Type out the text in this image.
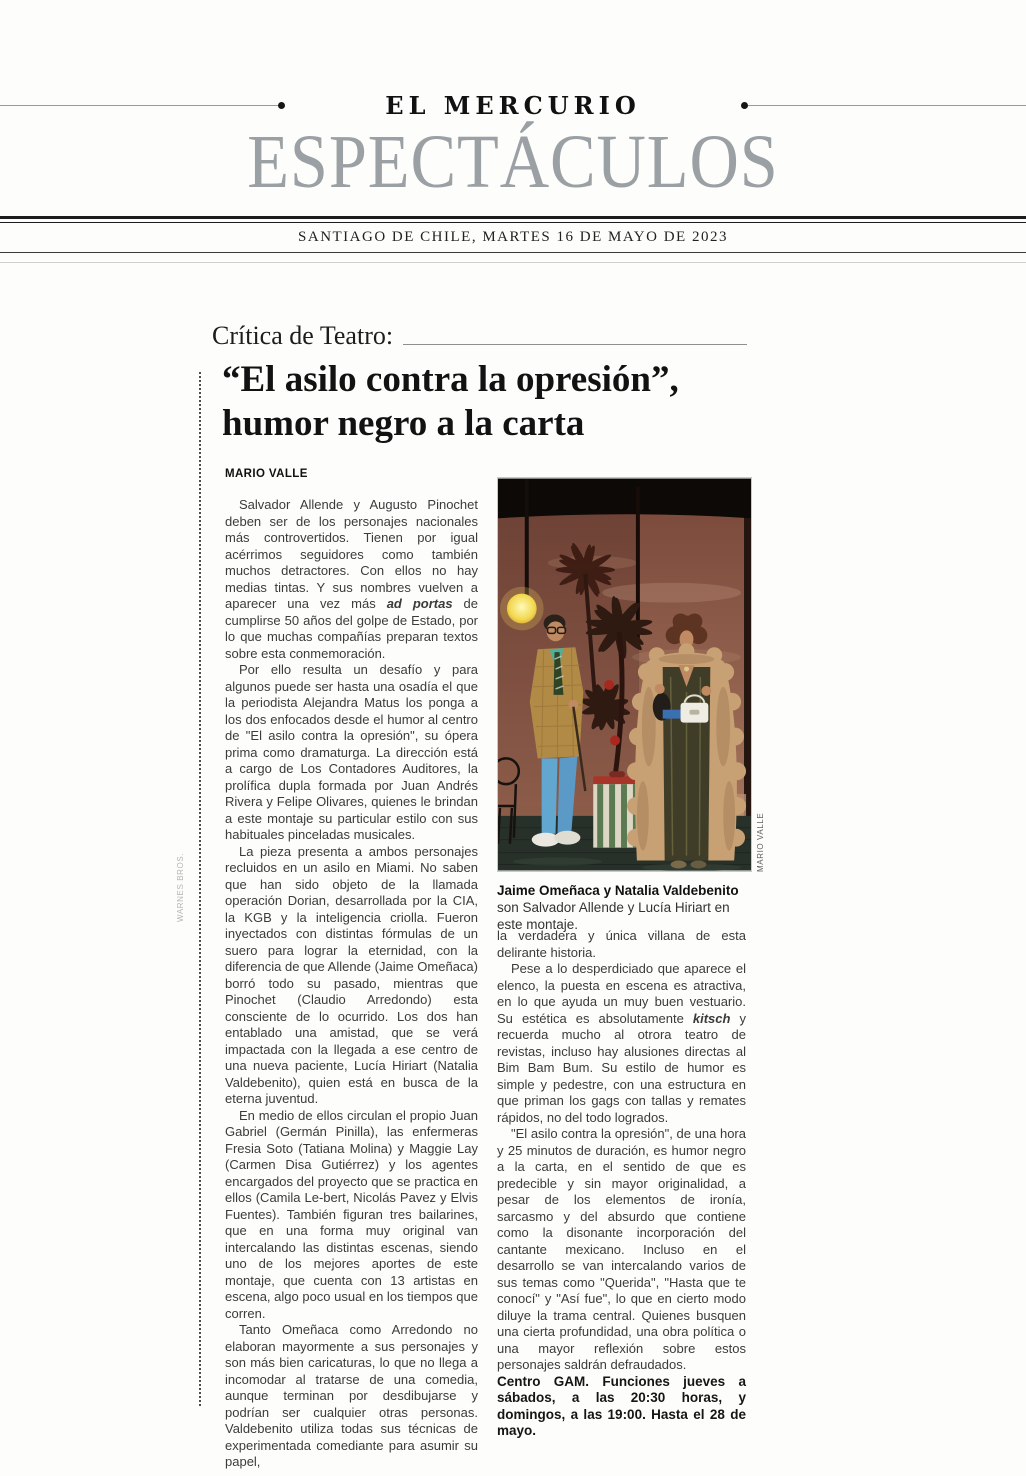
EL MERCURIO
ESPECTÁCULOS
SANTIAGO DE CHILE, MARTES 16 DE MAYO DE 2023
Crítica de Teatro:
“El asilo contra la opresión”, humor negro a la carta
MARIO VALLE

Salvador Allende y Augusto Pinochet deben ser de los personajes nacionales más controvertidos. Tienen por igual acérrimos seguidores como también muchos detractores. Con ellos no hay medias tintas. Y sus nombres vuelven a aparecer una vez más ad portas de cumplirse 50 años del golpe de Estado, por lo que muchas compañías preparan textos sobre esta conmemoración.

Por ello resulta un desafío y para algunos puede ser hasta una osadía el que la periodista Alejandra Matus los ponga a los dos enfocados desde el humor al centro de "El asilo contra la opresión", su ópera prima como dramaturga. La dirección está a cargo de Los Contadores Auditores, la prolífica dupla formada por Juan Andrés Rivera y Felipe Olivares, quienes le brindan a este montaje su particular estilo con sus habituales pinceladas musicales.

La pieza presenta a ambos personajes recluidos en un asilo en Miami. No saben que han sido objeto de la llamada operación Dorian, desarrollada por la CIA, la KGB y la inteligencia criolla. Fueron inyectados con distintas fórmulas de un suero para lograr la eternidad, con la diferencia de que Allende (Jaime Omeñaca) borró todo su pasado, mientras que Pinochet (Claudio Arredondo) esta consciente de lo ocurrido. Los dos han entablado una amistad, que se verá impactada con la llegada a ese centro de una nueva paciente, Lucía Hiriart (Natalia Valdebenito), quien está en busca de la eterna juventud.

En medio de ellos circulan el propio Juan Gabriel (Germán Pinilla), las enfermeras Fresia Soto (Tatiana Molina) y Maggie Lay (Carmen Disa Gutiérrez) y los agentes encargados del proyecto que se practica en ellos (Camila Le-bert, Nicolás Pavez y Elvis Fuentes). También figuran tres bailarines, que en una forma muy original van intercalando las distintas escenas, siendo uno de los mejores aportes de este montaje, que cuenta con 13 artistas en escena, algo poco usual en los tiempos que corren.

Tanto Omeñaca como Arredondo no elaboran mayormente a sus personajes y son más bien caricaturas, lo que no llega a incomodar al tratarse de una comedia, aunque terminan por desdibujarse y podrían ser cualquier otras personas. Valdebenito utiliza todas sus técnicas de experimentada comediante para asumir su papel,

MARIO VALLE
WARNES BROS.	Jaime Omeñaca y Natalia Valdebenito son Salvador Allende y Lucía Hiriart en este montaje.

la verdadera y única villana de esta delirante historia.

Pese a lo desperdiciado que aparece el elenco, la puesta en escena es atractiva, en lo que ayuda un muy buen vestuario. Su estética es absolutamente kitsch y recuerda mucho al otrora teatro de revistas, incluso hay alusiones directas al Bim Bam Bum. Su estilo de humor es simple y pedestre, con una estructura en que priman los gags con tallas y remates rápidos, no del todo logrados.

"El asilo contra la opresión", de una hora y 25 minutos de duración, es humor negro a la carta, en el sentido de que es predecible y sin mayor originalidad, a pesar de los elementos de ironía, sarcasmo y del absurdo que contiene como la disonante incorporación del cantante mexicano. Incluso en el desarrollo se van intercalando varios de sus temas como "Querida", "Hasta que te conocí" y "Así fue", lo que en cierto modo diluye la trama central. Quienes busquen una cierta profundidad, una obra política o una mayor reflexión sobre estos personajes saldrán defraudados.

Centro GAM. Funciones jueves a sábados, a las 20:30 horas, y domingos, a las 19:00. Hasta el 28 de mayo.
